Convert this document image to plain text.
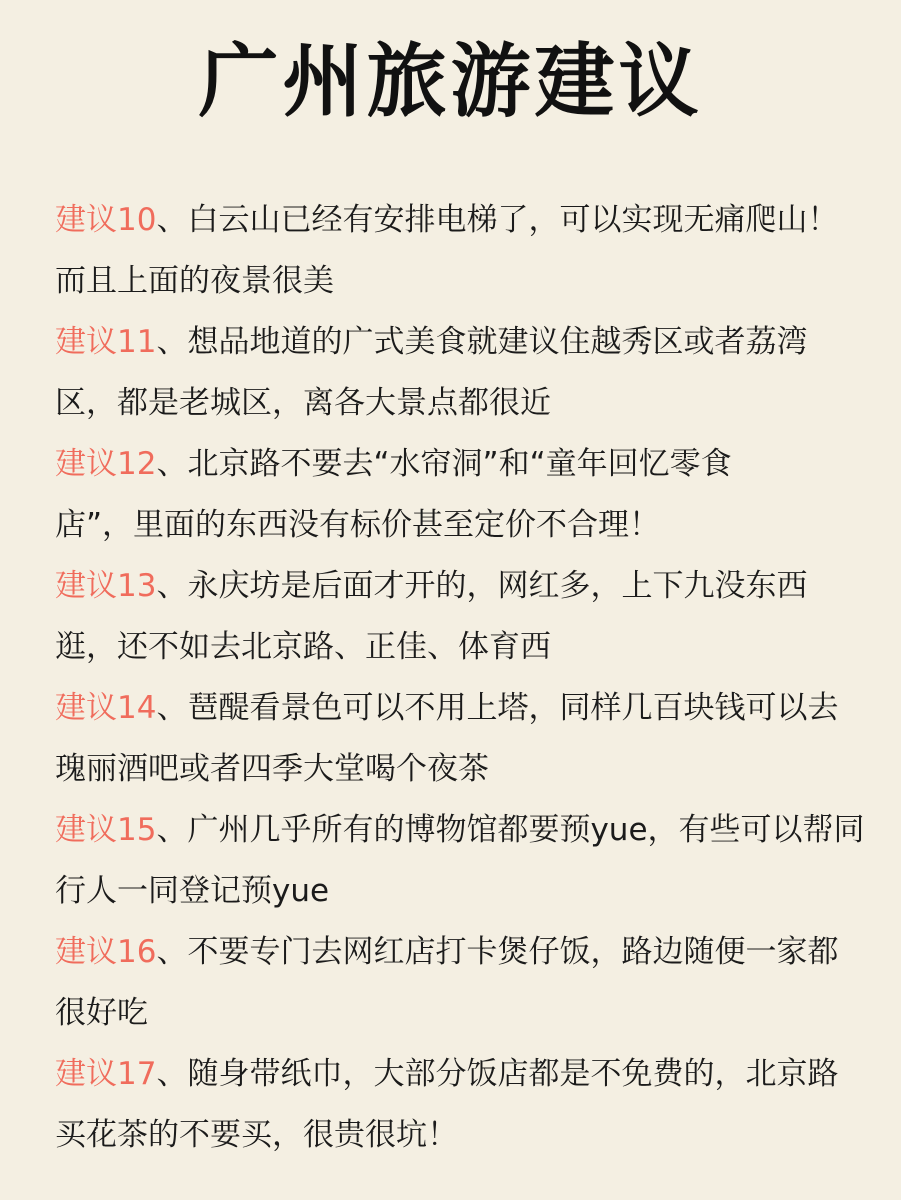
广州旅游建议
建议10、白云山已经有安排电梯了，可以实现无痛爬山！
而且上面的夜景很美
建议11、想品地道的广式美食就建议住越秀区或者荔湾
区，都是老城区，离各大景点都很近
建议12、北京路不要去“水帘洞”和“童年回忆零食
店”，里面的东西没有标价甚至定价不合理！
建议13、永庆坊是后面才开的，网红多，上下九没东西
逛，还不如去北京路、正佳、体育西
建议14、琶醍看景色可以不用上塔，同样几百块钱可以去
瑰丽酒吧或者四季大堂喝个夜茶
建议15、广州几乎所有的博物馆都要预yue，有些可以帮同
行人一同登记预yue
建议16、不要专门去网红店打卡煲仔饭，路边随便一家都
很好吃
建议17、随身带纸巾，大部分饭店都是不免费的，北京路
买花茶的不要买，很贵很坑！
